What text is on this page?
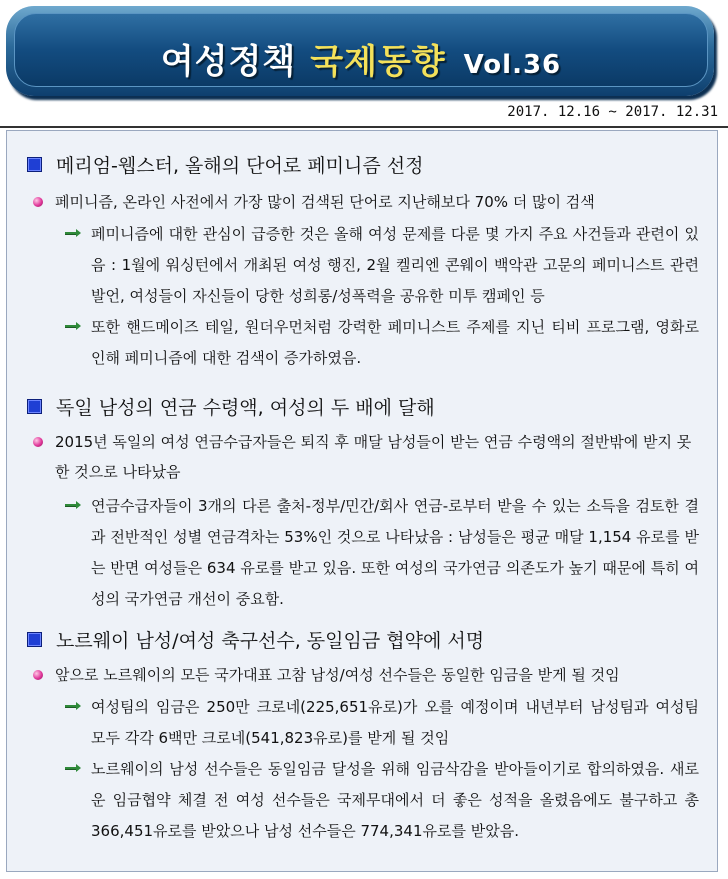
여성정책 국제동향 Vol.36
2017. 12.16 ~ 2017. 12.31
메리엄-웹스터, 올해의 단어로 페미니즘 선정
페미니즘, 온라인 사전에서 가장 많이 검색된 단어로 지난해보다 70% 더 많이 검색
페미니즘에 대한 관심이 급증한 것은 올해 여성 문제를 다룬 몇 가지 주요 사건들과 관련이 있음 : 1월에 워싱턴에서 개최된 여성 행진, 2월 켈리엔 콘웨이 백악관 고문의 페미니스트 관련 발언, 여성들이 자신들이 당한 성희롱/성폭력을 공유한 미투 캠페인 등
또한 핸드메이즈 테일, 원더우먼처럼 강력한 페미니스트 주제를 지닌 티비 프로그램, 영화로 인해 페미니즘에 대한 검색이 증가하였음.
독일 남성의 연금 수령액, 여성의 두 배에 달해
2015년 독일의 여성 연금수급자들은 퇴직 후 매달 남성들이 받는 연금 수령액의 절반밖에 받지 못한 것으로 나타났음
연금수급자들이 3개의 다른 출처-정부/민간/회사 연금-로부터 받을 수 있는 소득을 검토한 결과 전반적인 성별 연금격차는 53%인 것으로 나타났음 : 남성들은 평균 매달 1,154 유로를 받는 반면 여성들은 634 유로를 받고 있음. 또한 여성의 국가연금 의존도가 높기 때문에 특히 여성의 국가연금 개선이 중요함.
노르웨이 남성/여성 축구선수, 동일임금 협약에 서명
앞으로 노르웨이의 모든 국가대표 고참 남성/여성 선수들은 동일한 임금을 받게 될 것임
여성팀의 임금은 250만 크로네(225,651유로)가 오를 예정이며 내년부터 남성팀과 여성팀 모두 각각 6백만 크로네(541,823유로)를 받게 될 것임
노르웨이의 남성 선수들은 동일임금 달성을 위해 임금삭감을 받아들이기로 합의하였음. 새로운 임금협약 체결 전 여성 선수들은 국제무대에서 더 좋은 성적을 올렸음에도 불구하고 총 366,451유로를 받았으나 남성 선수들은 774,341유로를 받았음.
